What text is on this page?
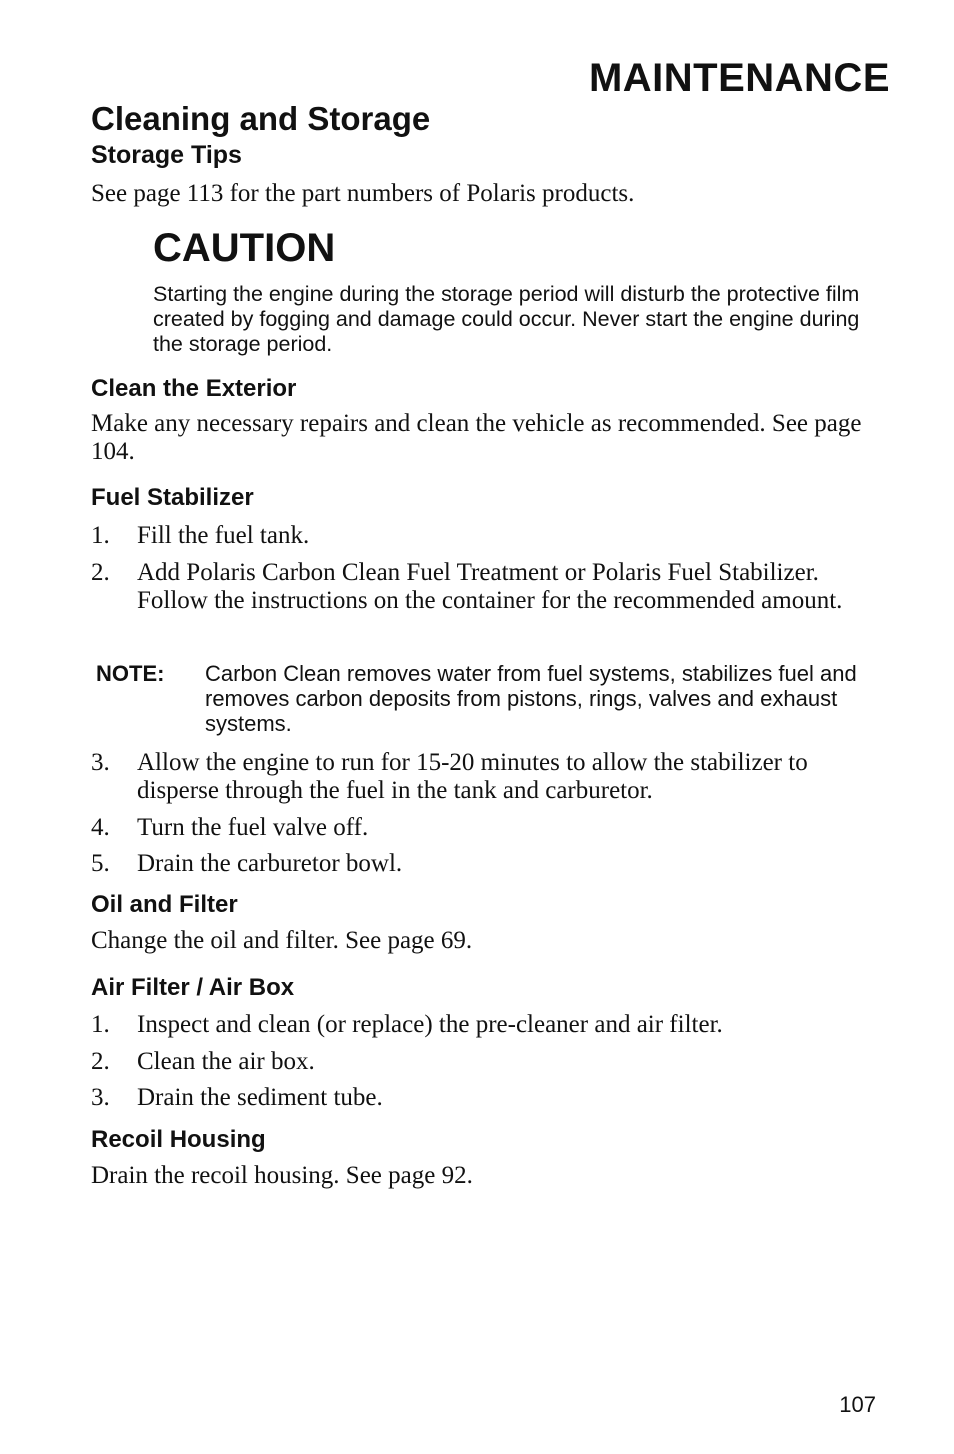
MAINTENANCE
Cleaning and Storage
Storage Tips

See page 113 for the part numbers of Polaris products.

CAUTION

Starting the engine during the storage period will disturb the protective film created by fogging and damage could occur. Never start the engine during the storage period.

Clean the Exterior

Make any necessary repairs and clean the vehicle as recommended. See page 104.

Fuel Stabilizer
1.	Fill the fuel tank.
2.	Add Polaris Carbon Clean Fuel Treatment or Polaris Fuel Stabilizer. Follow the instructions on the container for the recommended amount.
NOTE: Carbon Clean removes water from fuel systems, stabilizes fuel and removes carbon deposits from pistons, rings, valves and exhaust systems.
3.	Allow the engine to run for 15-20 minutes to allow the stabilizer to disperse through the fuel in the tank and carburetor.
4.	Turn the fuel valve off.
5.	Drain the carburetor bowl.
Oil and Filter

Change the oil and filter. See page 69.

Air Filter / Air Box
1.	Inspect and clean (or replace) the pre-cleaner and air filter.
2.	Clean the air box.
3.	Drain the sediment tube.
Recoil Housing

Drain the recoil housing. See page 92.

107
